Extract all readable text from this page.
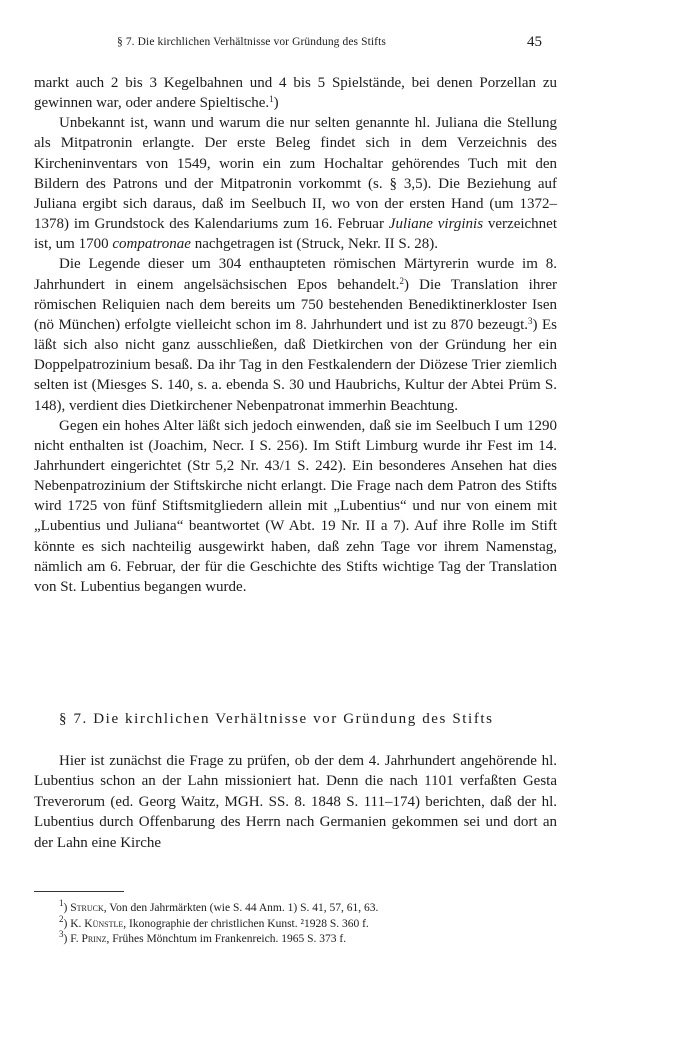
§ 7. Die kirchlichen Verhältnisse vor Gründung des Stifts	45

markt auch 2 bis 3 Kegelbahnen und 4 bis 5 Spielstände, bei denen Porzellan zu gewinnen war, oder andere Spieltische.$^1$)

Unbekannt ist, wann und warum die nur selten genannte hl. Juliana die Stellung als Mitpatronin erlangte. Der erste Beleg findet sich in dem Verzeichnis des Kircheninventars von 1549, worin ein zum Hochaltar gehörendes Tuch mit den Bildern des Patrons und der Mitpatronin vorkommt (s. § 3,5). Die Beziehung auf Juliana ergibt sich daraus, daß im Seelbuch II, wo von der ersten Hand (um 1372–1378) im Grundstock des Kalendariums zum 16. Februar Juliane virginis verzeichnet ist, um 1700 compatronae nachgetragen ist (Struck, Nekr. II S. 28).

Die Legende dieser um 304 enthaupteten römischen Märtyrerin wurde im 8. Jahrhundert in einem angelsächsischen Epos behandelt.$^2$) Die Translation ihrer römischen Reliquien nach dem bereits um 750 bestehenden Benediktinerkloster Isen (nö München) erfolgte vielleicht schon im 8. Jahrhundert und ist zu 870 bezeugt.$^3$) Es läßt sich also nicht ganz ausschließen, daß Dietkirchen von der Gründung her ein Doppelpatrozinium besaß. Da ihr Tag in den Festkalendern der Diözese Trier ziemlich selten ist (Miesges S. 140, s. a. ebenda S. 30 und Haubrichs, Kultur der Abtei Prüm S. 148), verdient dies Dietkirchener Nebenpatronat immerhin Beachtung.

Gegen ein hohes Alter läßt sich jedoch einwenden, daß sie im Seelbuch I um 1290 nicht enthalten ist (Joachim, Necr. I S. 256). Im Stift Limburg wurde ihr Fest im 14. Jahrhundert eingerichtet (Str 5,2 Nr. 43/1 S. 242). Ein besonderes Ansehen hat dies Nebenpatrozinium der Stiftskirche nicht erlangt. Die Frage nach dem Patron des Stifts wird 1725 von fünf Stiftsmitgliedern allein mit „Lubentius“ und nur von einem mit „Lubentius und Juliana“ beantwortet (W Abt. 19 Nr. II a 7). Auf ihre Rolle im Stift könnte es sich nachteilig ausgewirkt haben, daß zehn Tage vor ihrem Namenstag, nämlich am 6. Februar, der für die Geschichte des Stifts wichtige Tag der Translation von St. Lubentius begangen wurde.

§ 7. Die kirchlichen Verhältnisse vor Gründung des Stifts

Hier ist zunächst die Frage zu prüfen, ob der dem 4. Jahrhundert angehörende hl. Lubentius schon an der Lahn missioniert hat. Denn die nach 1101 verfaßten Gesta Treverorum (ed. Georg Waitz, MGH. SS. 8. 1848 S. 111–174) berichten, daß der hl. Lubentius durch Offenbarung des Herrn nach Germanien gekommen sei und dort an der Lahn eine Kirche

$^1$) Struck, Von den Jahrmärkten (wie S. 44 Anm. 1) S. 41, 57, 61, 63.
$^2$) K. Künstle, Ikonographie der christlichen Kunst. ²1928 S. 360 f.
$^3$) F. Prinz, Frühes Mönchtum im Frankenreich. 1965 S. 373 f.
